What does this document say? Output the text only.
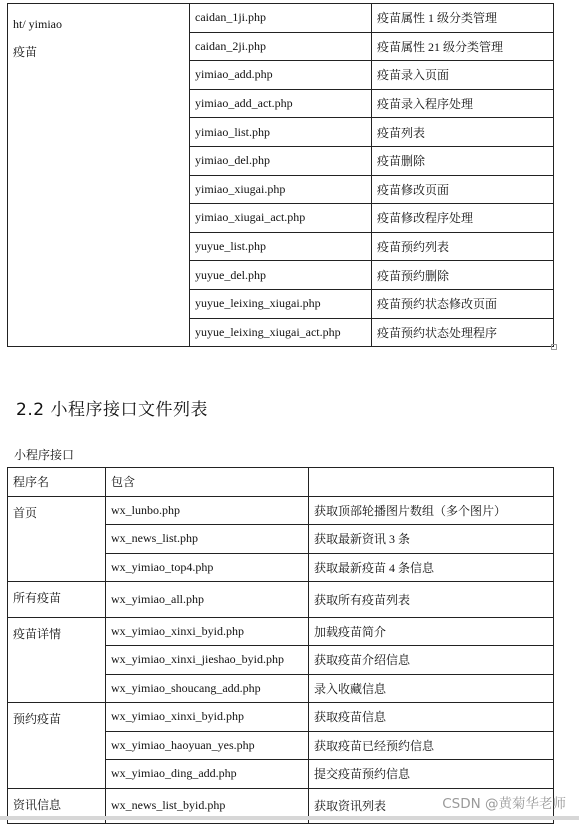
ht/ yimiao
疫苗	caidan_1ji.php	疫苗属性 1 级分类管理
	caidan_2ji.php	疫苗属性 21 级分类管理
	yimiao_add.php	疫苗录入页面
	yimiao_add_act.php	疫苗录入程序处理
	yimiao_list.php	疫苗列表
	yimiao_del.php	疫苗删除
	yimiao_xiugai.php	疫苗修改页面
	yimiao_xiugai_act.php	疫苗修改程序处理
	yuyue_list.php	疫苗预约列表
	yuyue_del.php	疫苗预约删除
	yuyue_leixing_xiugai.php	疫苗预约状态修改页面
	yuyue_leixing_xiugai_act.php	疫苗预约状态处理程序
2.2 小程序接口文件列表

小程序接口

程序名	包含	
首页	wx_lunbo.php	获取顶部轮播图片数组（多个图片）
	wx_news_list.php	获取最新资讯 3 条
	wx_yimiao_top4.php	获取最新疫苗 4 条信息
所有疫苗	wx_yimiao_all.php	获取所有疫苗列表
疫苗详情	wx_yimiao_xinxi_byid.php	加载疫苗简介
	wx_yimiao_xinxi_jieshao_byid.php	获取疫苗介绍信息
	wx_yimiao_shoucang_add.php	录入收藏信息
预约疫苗	wx_yimiao_xinxi_byid.php	获取疫苗信息
	wx_yimiao_haoyuan_yes.php	获取疫苗已经预约信息
	wx_yimiao_ding_add.php	提交疫苗预约信息
资讯信息	wx_news_list_byid.php	获取资讯列表	CSDN @黄菊华老师
